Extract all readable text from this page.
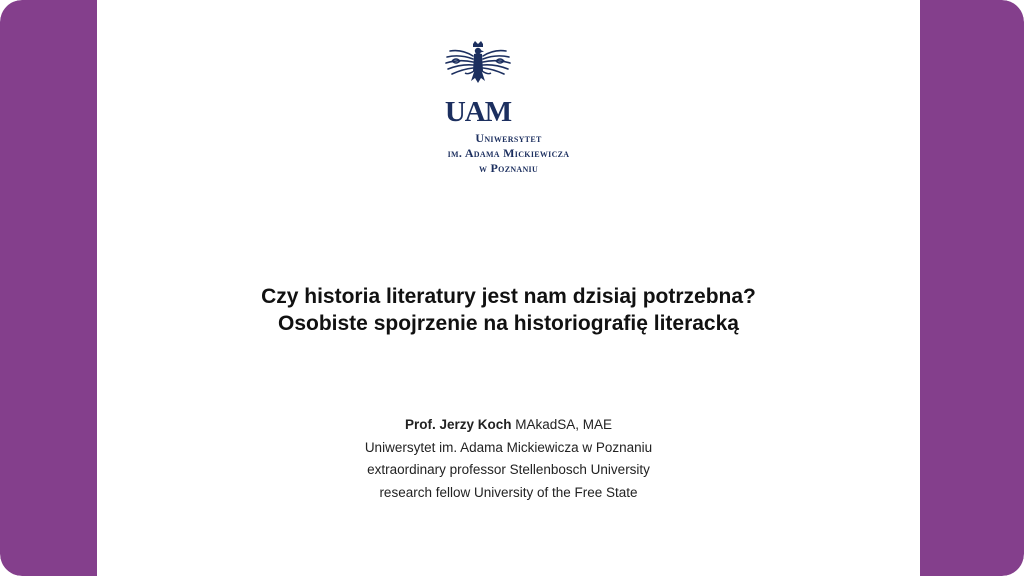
UAM
Uniwersytet
im. Adama Mickiewicza
w Poznaniu
Czy historia literatury jest nam dzisiaj potrzebna?
Osobiste spojrzenie na historiografię literacką
Prof. Jerzy Koch MAkadSA, MAE
Uniwersytet im. Adama Mickiewicza w Poznaniu
extraordinary professor Stellenbosch University
research fellow University of the Free State
